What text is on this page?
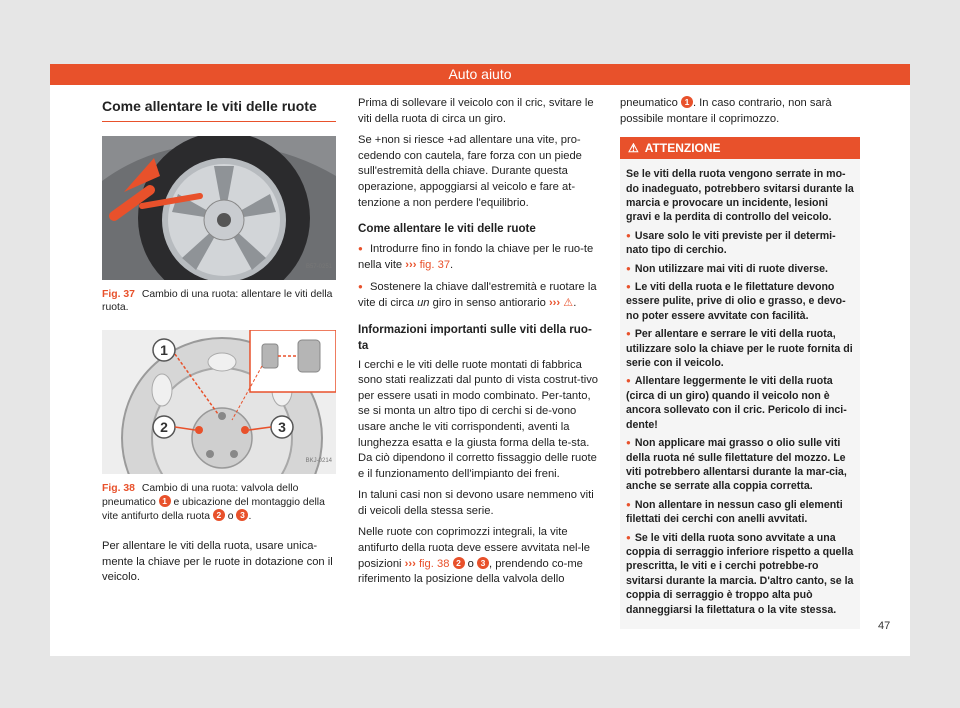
Auto aiuto
Come allentare le viti delle ruote
B57-0251
Fig. 37 Cambio di una ruota: allentare le viti della ruota.
1
2	3
BKJ-0214
Fig. 38 Cambio di una ruota: valvola dello pneumatico 1 e ubicazione del montaggio della vite antifurto della ruota 2 o 3 .

Per allentare le viti della ruota, usare unica-mente la chiave per le ruote in dotazione con il veicolo.

Prima di sollevare il veicolo con il cric, svitare le viti della ruota di circa un giro.

Se +non si riesce +ad allentare una vite, pro-cedendo con cautela, fare forza con un piede sull'estremità della chiave. Durante questa operazione, appoggiarsi al veicolo e fare at-tenzione a non perdere l'equilibrio.

Come allentare le viti delle ruote

● Introdurre fino in fondo la chiave per le ruo-te nella vite ››› fig. 37.

● Sostenere la chiave dall'estremità e ruotare la vite di circa un giro in senso antiorario ››› ⚠.

Informazioni importanti sulle viti della ruo-ta

I cerchi e le viti delle ruote montati di fabbrica sono stati realizzati dal punto di vista costrut-tivo per essere usati in modo combinato. Per-tanto, se si monta un altro tipo di cerchi si de-vono usare anche le viti corrispondenti, aventi la lunghezza esatta e la giusta forma della te-sta. Da ciò dipendono il corretto fissaggio delle ruote e il funzionamento dell'impianto dei freni.

In taluni casi non si devono usare nemmeno viti di veicoli della stessa serie.

Nelle ruote con coprimozzi integrali, la vite antifurto della ruota deve essere avvitata nel-le posizioni ››› fig. 38 2 o 3 , prendendo co-me riferimento la posizione della valvola dello

pneumatico 1 . In caso contrario, non sarà possibile montare il coprimozzo.

⚠ ATTENZIONE

Se le viti della ruota vengono serrate in mo-do inadeguato, potrebbero svitarsi durante la marcia e provocare un incidente, lesioni gravi e la perdita di controllo del veicolo.

● Usare solo le viti previste per il determi-nato tipo di cerchio.

● Non utilizzare mai viti di ruote diverse.

● Le viti della ruota e le filettature devono essere pulite, prive di olio e grasso, e devo-no poter essere avvitate con facilità.

● Per allentare e serrare le viti della ruota, utilizzare solo la chiave per le ruote fornita di serie con il veicolo.

● Allentare leggermente le viti della ruota (circa di un giro) quando il veicolo non è ancora sollevato con il cric. Pericolo di inci-dente!

● Non applicare mai grasso o olio sulle viti della ruota né sulle filettature del mozzo. Le viti potrebbero allentarsi durante la mar-cia, anche se serrate alla coppia corretta.

● Non allentare in nessun caso gli elementi filettati dei cerchi con anelli avvitati.

● Se le viti della ruota sono avvitate a una coppia di serraggio inferiore rispetto a quella prescritta, le viti e i cerchi potrebbe-ro svitarsi durante la marcia. D'altro canto, se la coppia di serraggio è troppo alta può danneggiarsi la filettatura o la vite stessa.

47
